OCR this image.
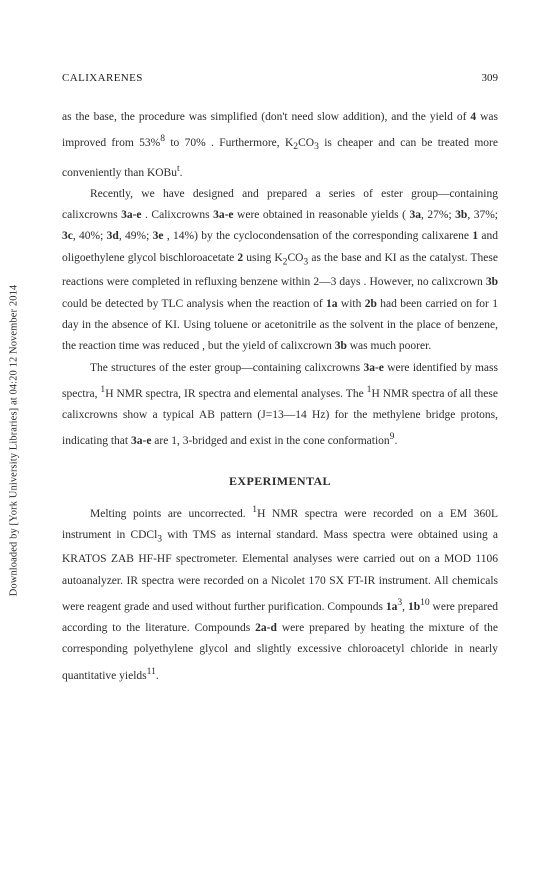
Downloaded by [York University Libraries] at 04:20 12 November 2014
CALIXARENES	309

as the base, the procedure was simplified (don't need slow addition), and the yield of 4 was improved from 53%$^8$ to 70% . Furthermore, $K_2CO_3$ is cheaper and can be treated more conveniently than KOBu$^t$.

Recently, we have designed and prepared a series of ester group—containing calixcrowns 3a-e . Calixcrowns 3a-e were obtained in reasonable yields ( 3a, 27%; 3b, 37%; 3c, 40%; 3d, 49%; 3e , 14%) by the cyclocondensation of the corresponding calixarene 1 and oligoethylene glycol bischloroacetate 2 using $K_2CO_3$ as the base and KI as the catalyst. These reactions were completed in refluxing benzene within 2—3 days . However, no calixcrown 3b could be detected by TLC analysis when the reaction of 1a with 2b had been carried on for 1 day in the absence of KI. Using toluene or acetonitrile as the solvent in the place of benzene, the reaction time was reduced , but the yield of calixcrown 3b was much poorer.

The structures of the ester group—containing calixcrowns 3a-e were identified by mass spectra, $^1$H NMR spectra, IR spectra and elemental analyses. The $^1$H NMR spectra of all these calixcrowns show a typical AB pattern (J=13—14 Hz) for the methylene bridge protons, indicating that 3a-e are 1, 3-bridged and exist in the cone conformation$^9$.

EXPERIMENTAL

Melting points are uncorrected. $^1$H NMR spectra were recorded on a EM 360L instrument in CDCl$_3$ with TMS as internal standard. Mass spectra were obtained using a KRATOS ZAB HF-HF spectrometer. Elemental analyses were carried out on a MOD 1106 autoanalyzer. IR spectra were recorded on a Nicolet 170 SX FT-IR instrument. All chemicals were reagent grade and used without further purification. Compounds $1a^3$, $1b^{10}$ were prepared according to the literature. Compounds 2a-d were prepared by heating the mixture of the corresponding polyethylene glycol and slightly excessive chloroacetyl chloride in nearly quantitative yields$^{11}$.
